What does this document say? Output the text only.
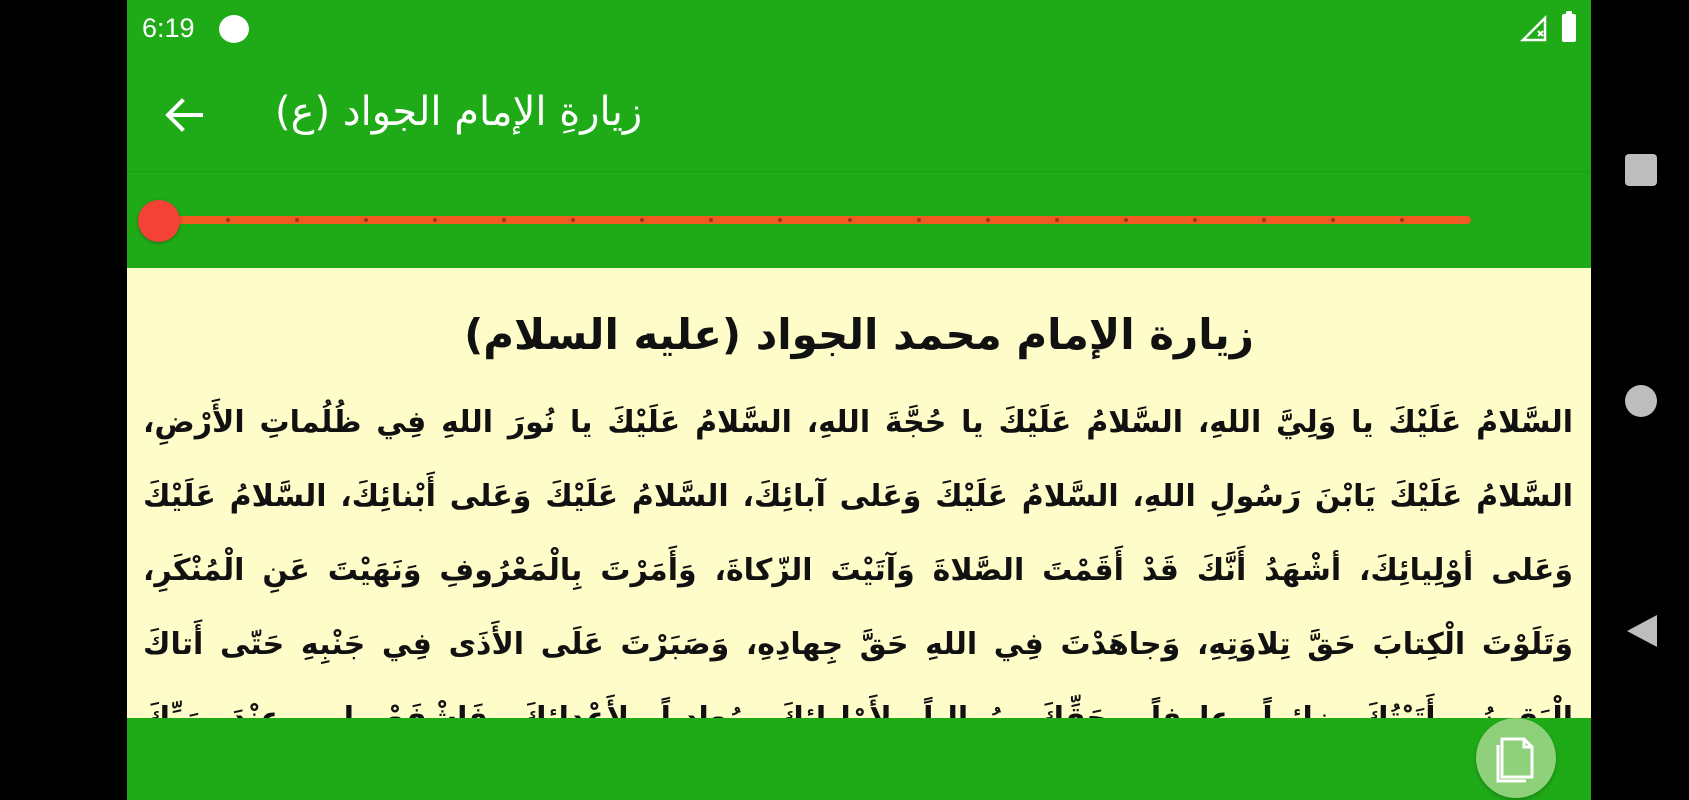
6:19
زيارةِ الإمام الجواد (ع)
زيارة الإمام محمد الجواد (عليه السلام)
السَّلامُ عَلَيْكَ يا وَلِيَّ اللهِ، السَّلامُ عَلَيْكَ يا حُجَّةَ اللهِ، السَّلامُ عَلَيْكَ يا نُورَ اللهِ فِي ظُلُماتِ الأَرْضِ، السَّلامُ عَلَيْكَ يَابْنَ رَسُولِ اللهِ، السَّلامُ عَلَيْكَ وَعَلى آبائِكَ، السَّلامُ عَلَيْكَ وَعَلى أَبْنائِكَ، السَّلامُ عَلَيْكَ وَعَلى أوْلِيائِكَ، أشْهَدُ أَنَّكَ قَدْ أَقَمْتَ الصَّلاةَ وَآتَيْتَ الزّكاةَ، وَأَمَرْتَ بِالْمَعْرُوفِ وَنَهَيْتَ عَنِ الْمُنْكَرِ، وَتَلَوْتَ الْكِتابَ حَقَّ تِلاوَتِهِ، وَجاهَدْتَ فِي اللهِ حَقَّ جِهادِهِ، وَصَبَرْتَ عَلَى الأَذَى فِي جَنْبِهِ حَتّى أَتاكَ
